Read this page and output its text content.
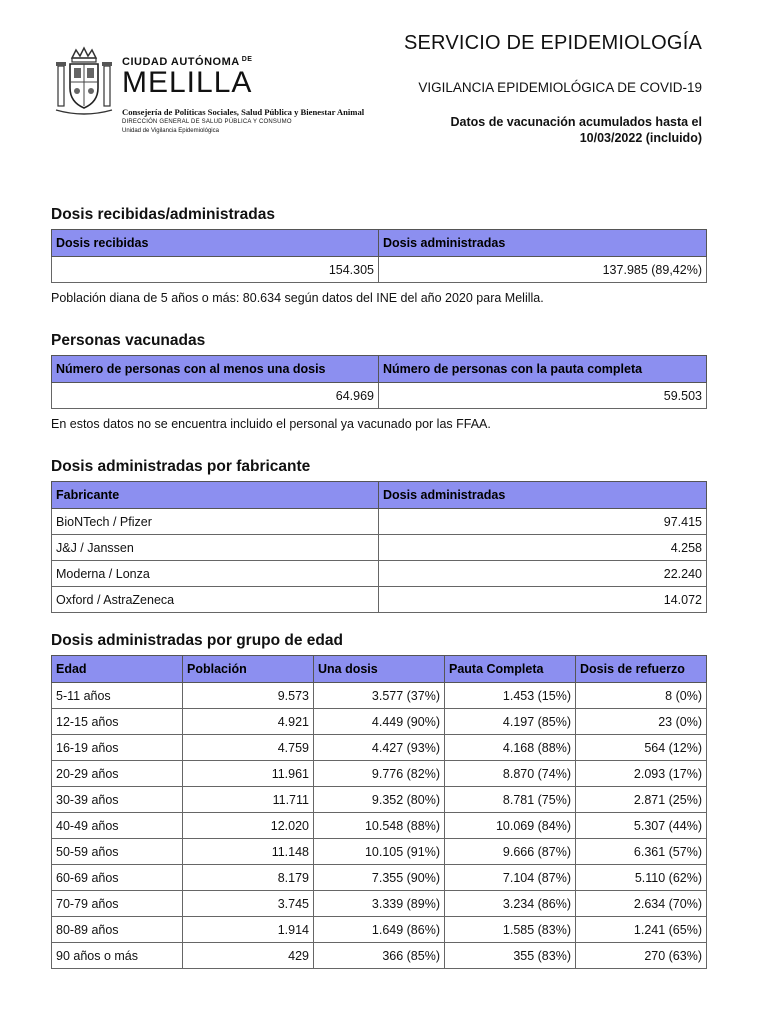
CIUDAD AUTÓNOMA $^{DE}$
MELILLA
Consejería de Políticas Sociales, Salud Pública y Bienestar Animal
DIRECCIÓN GENERAL DE SALUD PÚBLICA Y CONSUMO
Unidad de Vigilancia Epidemiológica
SERVICIO DE EPIDEMIOLOGÍA
VIGILANCIA EPIDEMIOLÓGICA DE COVID-19
Datos de vacunación acumulados hasta el
10/03/2022 (incluido)
Dosis recibidas/administradas
Dosis recibidas	Dosis administradas
154.305	137.985 (89,42%)
Población diana de 5 años o más: 80.634 según datos del INE del año 2020 para Melilla.
Personas vacunadas
Número de personas con al menos una dosis	Número de personas con la pauta completa
64.969	59.503
En estos datos no se encuentra incluido el personal ya vacunado por las FFAA.
Dosis administradas por fabricante
Fabricante	Dosis administradas
BioNTech / Pfizer	97.415
J&J / Janssen	4.258
Moderna / Lonza	22.240
Oxford / AstraZeneca	14.072
Dosis administradas por grupo de edad
Edad	Población	Una dosis	Pauta Completa	Dosis de refuerzo
5-11 años	9.573	3.577 (37%)	1.453 (15%)	8 (0%)
12-15 años	4.921	4.449 (90%)	4.197 (85%)	23 (0%)
16-19 años	4.759	4.427 (93%)	4.168 (88%)	564 (12%)
20-29 años	11.961	9.776 (82%)	8.870 (74%)	2.093 (17%)
30-39 años	11.711	9.352 (80%)	8.781 (75%)	2.871 (25%)
40-49 años	12.020	10.548 (88%)	10.069 (84%)	5.307 (44%)
50-59 años	11.148	10.105 (91%)	9.666 (87%)	6.361 (57%)
60-69 años	8.179	7.355 (90%)	7.104 (87%)	5.110 (62%)
70-79 años	3.745	3.339 (89%)	3.234 (86%)	2.634 (70%)
80-89 años	1.914	1.649 (86%)	1.585 (83%)	1.241 (65%)
90 años o más	429	366 (85%)	355 (83%)	270 (63%)
